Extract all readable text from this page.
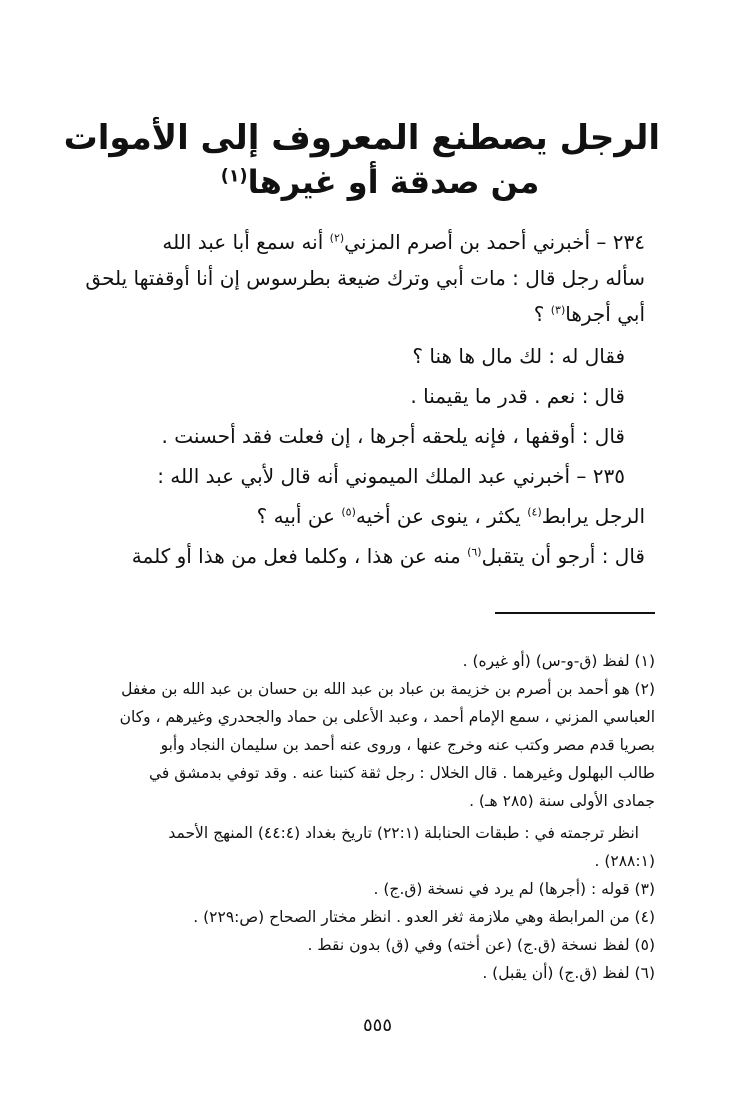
الرجل يصطنع المعروف إلى الأموات
من صدقة أو غيرها$^{(١)}$
٢٣٤ – أخبرني أحمد بن أصرم المزني$^{(٢)}$ أنه سمع أبا عبد الله
سأله رجل قال : مات أبي وترك ضيعة بطرسوس إن أنا أوقفتها يلحق
أبي أجرها$^{(٣)}$ ؟
فقال له : لك مال ها هنا ؟
قال : نعم . قدر ما يقيمنا .
قال : أوقفها ، فإنه يلحقه أجرها ، إن فعلت فقد أحسنت .
٢٣٥ – أخبرني عبد الملك الميموني أنه قال لأبي عبد الله :
الرجل يرابط$^{(٤)}$ يكثر ، ينوى عن أخيه$^{(٥)}$ عن أبيه ؟
قال : أرجو أن يتقبل$^{(٦)}$ منه عن هذا ، وكلما فعل من هذا أو كلمة
(١) لفظ (ق-و-س) (أو غيره) .
(٢) هو أحمد بن أصرم بن خزيمة بن عباد بن عبد الله بن حسان بن عبد الله بن مغفل
العباسي المزني ، سمع الإمام أحمد ، وعبد الأعلى بن حماد والجحدري وغيرهم ، وكان
بصريا قدم مصر وكتب عنه وخرج عنها ، وروى عنه أحمد بن سليمان النجاد وأبو
طالب البهلول وغيرهما . قال الخلال : رجل ثقة كتبنا عنه . وقد توفي بدمشق في
جمادى الأولى سنة (٢٨٥ هـ) .
انظر ترجمته في : طبقات الحنابلة (٢٢:١) تاريخ بغداد (٤٤:٤) المنهج الأحمد
(٢٨٨:١) .
(٣) قوله : (أجرها) لم يرد في نسخة (ق.ج) .
(٤) من المرابطة وهي ملازمة ثغر العدو . انظر مختار الصحاح (ص:٢٢٩) .
(٥) لفظ نسخة (ق.ج) (عن أخته) وفي (ق) بدون نقط .
(٦) لفظ (ق.ج) (أن يقبل) .
٥٥٥
